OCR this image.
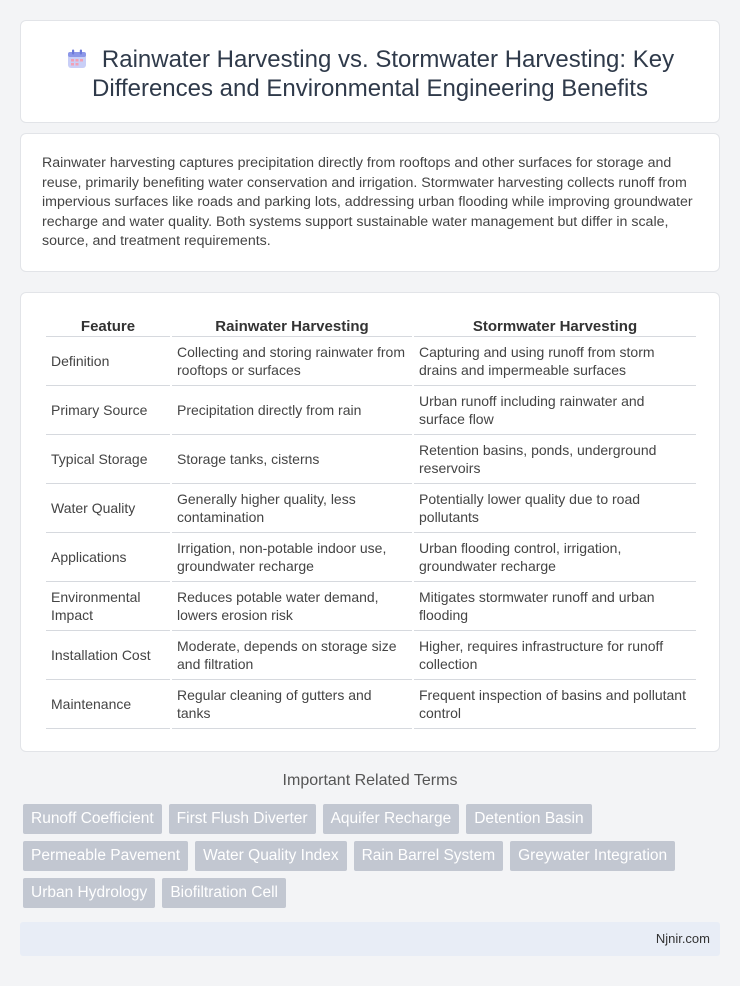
Rainwater Harvesting vs. Stormwater Harvesting: Key Differences and Environmental Engineering Benefits

Rainwater harvesting captures precipitation directly from rooftops and other surfaces for storage and reuse, primarily benefiting water conservation and irrigation. Stormwater harvesting collects runoff from impervious surfaces like roads and parking lots, addressing urban flooding while improving groundwater recharge and water quality. Both systems support sustainable water management but differ in scale, source, and treatment requirements.

Feature	Rainwater Harvesting	Stormwater Harvesting
Definition	Collecting and storing rainwater from rooftops or surfaces	Capturing and using runoff from storm drains and impermeable surfaces
Primary Source	Precipitation directly from rain	Urban runoff including rainwater and surface flow
Typical Storage	Storage tanks, cisterns	Retention basins, ponds, underground reservoirs
Water Quality	Generally higher quality, less contamination	Potentially lower quality due to road pollutants
Applications	Irrigation, non-potable indoor use, groundwater recharge	Urban flooding control, irrigation, groundwater recharge
Environmental Impact	Reduces potable water demand, lowers erosion risk	Mitigates stormwater runoff and urban flooding
Installation Cost	Moderate, depends on storage size and filtration	Higher, requires infrastructure for runoff collection
Maintenance	Regular cleaning of gutters and tanks	Frequent inspection of basins and pollutant control
Important Related Terms
Runoff Coefficient	First Flush Diverter	Aquifer Recharge	Detention Basin
Permeable Pavement	Water Quality Index	Rain Barrel System	Greywater Integration
Urban Hydrology	Biofiltration Cell
Njnir.com
